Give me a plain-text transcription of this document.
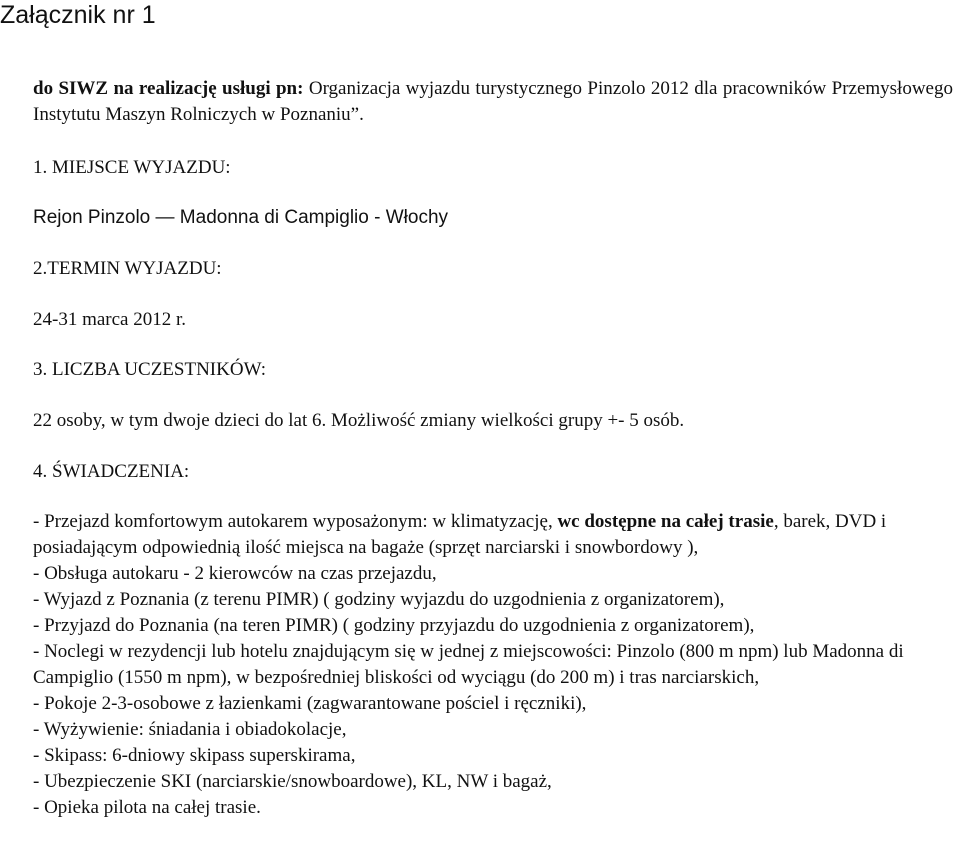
Załącznik nr 1
do SIWZ na realizację usługi pn: Organizacja wyjazdu turystycznego Pinzolo 2012 dla pracowników Przemysłowego Instytutu Maszyn Rolniczych w Poznaniu”.
1. MIEJSCE WYJAZDU:
Rejon Pinzolo — Madonna di Campiglio - Włochy
2.TERMIN WYJAZDU:
24-31 marca 2012 r.
3. LICZBA UCZESTNIKÓW:
22 osoby, w tym dwoje dzieci do lat 6. Możliwość zmiany wielkości grupy +- 5 osób.
4. ŚWIADCZENIA:
- Przejazd komfortowym autokarem wyposażonym: w klimatyzację, wc dostępne na całej trasie, barek, DVD i posiadającym odpowiednią ilość miejsca na bagaże (sprzęt narciarski i snowbordowy ),
- Obsługa autokaru - 2 kierowców na czas przejazdu,
- Wyjazd z Poznania (z terenu PIMR) ( godziny wyjazdu do uzgodnienia z organizatorem),
- Przyjazd do Poznania (na teren PIMR) ( godziny przyjazdu do uzgodnienia z organizatorem),
- Noclegi w rezydencji lub hotelu znajdującym się w jednej z miejscowości: Pinzolo (800 m npm) lub Madonna di Campiglio (1550 m npm), w bezpośredniej bliskości od wyciągu (do 200 m) i tras narciarskich,
- Pokoje 2-3-osobowe z łazienkami (zagwarantowane pościel i ręczniki),
- Wyżywienie: śniadania i obiadokolacje,
- Skipass: 6-dniowy skipass superskirama,
- Ubezpieczenie SKI (narciarskie/snowboardowe), KL, NW i bagaż,
- Opieka pilota na całej trasie.
